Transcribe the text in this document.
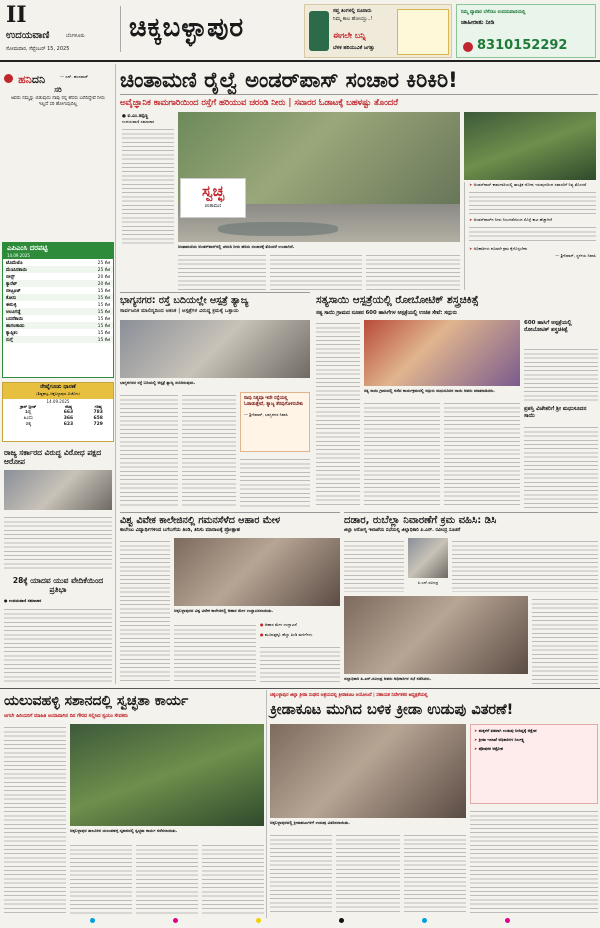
II
ಉದಯವಾಣಿ	ಬೆಂಗಳೂರು
ಸೋಮವಾರ, ಸೆಪ್ಟೆಂಬರ್ 15, 2025
ಚಿಕ್ಕಬಳ್ಳಾಪುರ
ಸಪ್ತ ತಿಂಗಳಲ್ಲಿ ನೂರಾರು
ನಿಮ್ಮ ಕಾಲ ಹೋಯ್ತು..!
ಈಗಲೇ ಬನ್ನಿ
ಬೆಳಕ ಹರಿಯುವಿಕೆ ಜಗತ್ತು
ನಿಮ್ಮ ವ್ಯಾಪಾರ ಬೆಳೆಸಲು ಉದಯವಾಣಿಯಲ್ಲಿ
ಜಾಹೀರಾತು ನೀಡಿ
8310152292
ಹನಿದನಿ	— ಎನ್. ಹಂಸರಾಜ್
ಸರಿ
ಅವರು ನಮ್ಮನ್ನು ಬಿಡುವುದು ನಾವು ನನ್ನ ಹೆಸರು ಬರೆದಿದ್ದೇವೆ ನೀರು ಇಲ್ಲದೆ ಸರಿ ಹೋಗುವುದಿಲ್ಲ
ಎಪಿಎಂಸಿ ದರಪಟ್ಟಿ
14.09.2025
ಟೊಮೆಟೊ	25 ಕೆಜಿ
ಮೆಣಸಿನಕಾಯಿ	25 ಕೆಜಿ
ಬೀನ್ಸ್	20 ಕೆಜಿ
ಕ್ಯಾರೆಟ್	20 ಕೆಜಿ
ಬೀಟ್ರೂಟ್	15 ಕೆಜಿ
ಕೋಸು	15 ಕೆಜಿ
ಈರುಳ್ಳಿ	15 ಕೆಜಿ
ಆಲೂಗಡ್ಡೆ	15 ಕೆಜಿ
ಬದನೆಕಾಯಿ	15 ಕೆಜಿ
ಹಾಗಲಕಾಯಿ	15 ಕೆಜಿ
ಕ್ಯಾಪ್ಸಿಕಂ	15 ಕೆಜಿ
ನುಗ್ಗೆ	15 ಕೆಜಿ
ರೇಷ್ಮೆಗೂಡು ಧಾರಣೆ
(ಶಿಡ್ಲಘಟ್ಟ–ಚಿಕ್ಕಬಳ್ಳಾಪುರ–ಬಿಜೋಂ)
14.09.2025
ಕ್ರಾಸ್ ಬ್ರೀಡ್	ಕನಿಷ್ಠ	ಗರಿಷ್ಠ
ಶಿಡ್ಲ	663	783
ಹಿಂದು	366	658
ಚಿಕ್ಕ	623	729
ರಾಜ್ಯ ಸರ್ಕಾರದ ವಿರುದ್ಧ ವಿರೋಧ ಪಕ್ಷದ ಆರೋಪ
28ಕ್ಕೆ ಯಾದವ ಯುವ ವೇದಿಕೆಯಿಂದ ಪ್ರತಿಭಾ
● ಉದಯವಾಣಿ ಸಮಾಚಾರ
ಚಿಂತಾಮಣಿ ರೈಲ್ವೆ ಅಂಡರ್‌ಪಾಸ್ ಸಂಚಾರ ಕಿರಿಕಿರಿ!
ಅವೈಜ್ಞಾನಿಕ ಕಾಮಗಾರಿಯಿಂದ ರಸ್ತೆಗೆ ಹರಿಯುವ ಚರಂಡಿ ನೀರು | ಸವಾರರ ಓಡಾಟಕ್ಕೆ ಬಹಳಷ್ಟು ತೊಂದರೆ
● ಐ.ಎಂ.ತಿಪ್ಪಣ್ಣ
ಉದಯವಾಣಿ ಸಮಾಚಾರ
ಚಿಂತಾಮಣಿಯ ಅಂಡರ್‌ಪಾಸ್‌ನಲ್ಲಿ ಚರಂಡಿ ನೀರು ಹರಿದು ಸಂಚಾರಕ್ಕೆ ತೊಂದರೆ ಉಂಟಾಗಿದೆ.
➤ ಅಂಡರ್‌ಪಾಸ್ ಕಾಮಗಾರಿಯಲ್ಲಿ ತಾಂತ್ರಿಕ ದೋಷ ಇರುವುದರಿಂದ ಸವಾರರಿಗೆ ನಿತ್ಯ ತೊಂದರೆ
➤ ಅಂಡರ್‌ಪಾಸ್‌ನ ನೀರು ನಿಲುಗಡೆಯಿಂದ ಸೊಳ್ಳೆ ಕಾಟ ಹೆಚ್ಚಾಗಿದೆ
➤ ಅಧಿಕಾರಿಗಳು ಕೂಡಲೇ ಕ್ರಮ ಕೈಗೊಳ್ಳಬೇಕು
— ಶ್ರೀನಿವಾಸ್, ಸ್ಥಳೀಯ ನಿವಾಸಿ
ಸ್ವಚ್ಛ
ಚಿಂತಾಮಣಿ
ಭಾಗ್ಯನಗರ: ರಸ್ತೆ ಬದಿಯಲ್ಲೇ ಆಸ್ಪತ್ರೆ ತ್ಯಾಜ್ಯ
ಸಾರ್ವಜನಿಕ ಮಾಲಿನ್ಯದಿಂದ ಆತಂಕ | ಆಸ್ಪತ್ರೆಗಳ ವಿರುದ್ಧ ಕ್ರಮಕ್ಕೆ ಒತ್ತಾಯ
ಭಾಗ್ಯನಗರದ ರಸ್ತೆ ಬದಿಯಲ್ಲಿ ಆಸ್ಪತ್ರೆ ತ್ಯಾಜ್ಯ ಸುರಿದಿರುವುದು.
ನಾವು ನಿತ್ಯವೂ ಇದೇ ರಸ್ತೆಯಲ್ಲಿ ಓಡಾಡುತ್ತೇವೆ, ತ್ಯಾಜ್ಯ ತೆರವುಗೊಳಿಸಬೇಕು
— ಶ್ರೀನಿವಾಸ್, ಭಾಗ್ಯನಗರ ನಿವಾಸಿ
ಸತ್ಯಸಾಯಿ ಆಸ್ಪತ್ರೆಯಲ್ಲಿ ರೋಬೋಟಿಕ್ ಶಸ್ತ್ರಚಿಕಿತ್ಸೆ
ಸತ್ಯ ಸಾಯಿ ಗ್ರಾಮದ ನೂತನ 600 ಹಾಸಿಗೆಗಳ ಆಸ್ಪತ್ರೆಯಲ್ಲಿ ಉಚಿತ ಸೇವೆ: ಸದ್ಗುರು
ಸತ್ಯ ಸಾಯಿ ಗ್ರಾಮದಲ್ಲಿ ನಡೆದ ಕಾರ್ಯಕ್ರಮದಲ್ಲಿ ಸದ್ಗುರು ಮಧುಸೂದನ ಸಾಯಿ ಅವರು ಮಾತನಾಡಿದರು.
600 ಹಾಸಿಗೆ ಆಸ್ಪತ್ರೆಯಲ್ಲಿ ರೋಬೋಟಿಕ್ ಶಸ್ತ್ರಚಿಕಿತ್ಸೆ
ಪ್ರಶಸ್ತಿ ವಿಜೇತರಿಗೆ ಶ್ರೀ ಮಧುಸೂದನ ಸಾಯಿ
ವಿಶ್ವ ವಿವೇಕ ಕಾಲೇಜಿನಲ್ಲಿ ಗಮನಸೆಳೆದ ಆಹಾರ ಮೇಳ
ಕಾಲೇಜು ವಿದ್ಯಾರ್ಥಿಗಳಿಂದ ಬಗೆಬಗೆಯ ತಿಂಡಿ, ತಿನಿಸು ಮಾರಾಟಕ್ಕೆ ಪ್ರೋತ್ಸಾಹ
ಚಿಕ್ಕಬಳ್ಳಾಪುರದ ವಿಶ್ವ ವಿವೇಕ ಕಾಲೇಜಿನಲ್ಲಿ ಆಹಾರ ಮೇಳ ಉದ್ಘಾಟಿಸಲಾಯಿತು.
● ಆಹಾರ ಮೇಳ ಉದ್ಘಾಟನೆ
● ಮೂವತ್ತಕ್ಕೂ ಹೆಚ್ಚು ತಿಂಡಿ ಮಳಿಗೆಗಳು
ದಡಾರ, ರುಬೆಲ್ಲಾ ನಿವಾರಣೆಗೆ ಕ್ರಮ ವಹಿಸಿ: ಡಿಸಿ
ಜಿಲ್ಲಾ ಆರೋಗ್ಯ ಇಲಾಖೆಯ ಸಭೆಯಲ್ಲಿ ಜಿಲ್ಲಾಧಿಕಾರಿ ಪಿ.ಎನ್. ರವೀಂದ್ರ ಸೂಚನೆ
ಪಿ.ಎನ್.ರವೀಂದ್ರ
ಜಿಲ್ಲಾಧಿಕಾರಿ ಪಿ.ಎನ್.ರವೀಂದ್ರ ಅವರು ಅಧಿಕಾರಿಗಳ ಸಭೆ ನಡೆಸಿದರು.
ಯಲುವಹಳ್ಳಿ ಸಶಾನದಲ್ಲಿ ಸ್ವಚ್ಛತಾ ಕಾರ್ಯ
ಆಗಲೇ ಹಿರಿಯರಿಗೆ ಮಾಹಿತಿ ಆಯಾವಾಗಿನ ದಿನ ಗೌರವ ಸಲ್ಲಿಸಿದ ಸ್ವಯಂ ಸೇವಕರು
ಚಿಕ್ಕಬಳ್ಳಾಪುರ ತಾಲೂಕಿನ ಯಲುವಹಳ್ಳಿ ಸ್ಮಶಾನದಲ್ಲಿ ಸ್ವಚ್ಛತಾ ಕಾರ್ಯ ನಡೆಸಲಾಯಿತು.
ಚಿಕ್ಕಬಳ್ಳಾಪುರ ಜಿಲ್ಲಾ ಕ್ರೀಡಾ ಸಂಘದ ಆಶ್ರಯದಲ್ಲಿ ಕ್ರೀಡಾಕೂಟ ಆಯೋಜನೆ | ಸಹಾಯಕ ನಿರ್ದೇಶಕರ ಅಧ್ಯಕ್ಷತೆಯಲ್ಲಿ
ಕ್ರೀಡಾಕೂಟ ಮುಗಿದ ಬಳಿಕ ಕ್ರೀಡಾ ಉಡುಪು ವಿತರಣೆ!
ಚಿಕ್ಕಬಳ್ಳಾಪುರದಲ್ಲಿ ಕ್ರೀಡಾಪಟುಗಳಿಗೆ ಉಡುಪು ವಿತರಿಸಲಾಯಿತು.
➤ ಮಕ್ಕಳಿಗೆ ತಡವಾಗಿ ಉಡುಪು ನೀಡಿದ್ದಕ್ಕೆ ಆಕ್ಷೇಪ
➤ ಕ್ರೀಡಾ ಇಲಾಖೆ ಅಧಿಕಾರಿಗಳ ನಿರ್ಲಕ್ಷ್ಯ
➤ ಪೋಷಕರ ಆಕ್ರೋಶ
